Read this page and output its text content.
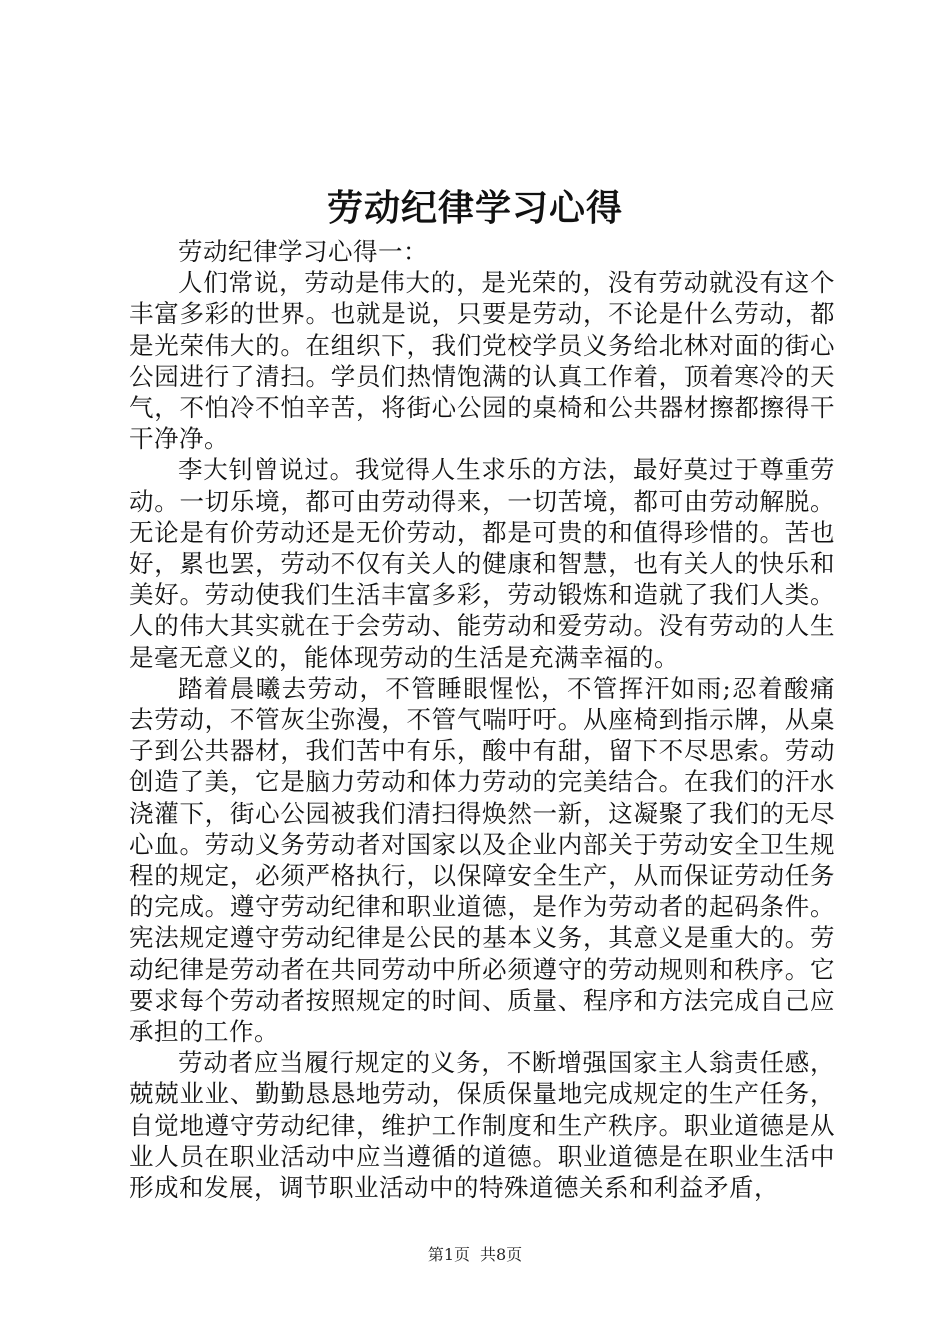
劳动纪律学习心得

劳动纪律学习心得一：

人们常说，劳动是伟大的，是光荣的，没有劳动就没有这个丰富多彩的世界。也就是说，只要是劳动，不论是什么劳动，都是光荣伟大的。在组织下，我们党校学员义务给北林对面的街心公园进行了清扫。学员们热情饱满的认真工作着，顶着寒冷的天气，不怕冷不怕辛苦，将街心公园的桌椅和公共器材擦都擦得干干净净。

李大钊曾说过。我觉得人生求乐的方法，最好莫过于尊重劳动。一切乐境，都可由劳动得来，一切苦境，都可由劳动解脱。无论是有价劳动还是无价劳动，都是可贵的和值得珍惜的。苦也好，累也罢，劳动不仅有关人的健康和智慧，也有关人的快乐和美好。劳动使我们生活丰富多彩，劳动锻炼和造就了我们人类。人的伟大其实就在于会劳动、能劳动和爱劳动。没有劳动的人生是毫无意义的，能体现劳动的生活是充满幸福的。

踏着晨曦去劳动，不管睡眼惺忪，不管挥汗如雨;忍着酸痛去劳动，不管灰尘弥漫，不管气喘吁吁。从座椅到指示牌，从桌子到公共器材，我们苦中有乐，酸中有甜，留下不尽思索。劳动创造了美，它是脑力劳动和体力劳动的完美结合。在我们的汗水浇灌下，街心公园被我们清扫得焕然一新，这凝聚了我们的无尽心血。劳动义务劳动者对国家以及企业内部关于劳动安全卫生规程的规定，必须严格执行，以保障安全生产，从而保证劳动任务的完成。遵守劳动纪律和职业道德，是作为劳动者的起码条件。宪法规定遵守劳动纪律是公民的基本义务，其意义是重大的。劳动纪律是劳动者在共同劳动中所必须遵守的劳动规则和秩序。它要求每个劳动者按照规定的时间、质量、程序和方法完成自己应承担的工作。

劳动者应当履行规定的义务，不断增强国家主人翁责任感，兢兢业业、勤勤恳恳地劳动，保质保量地完成规定的生产任务，自觉地遵守劳动纪律，维护工作制度和生产秩序。职业道德是从业人员在职业活动中应当遵循的道德。职业道德是在职业生活中形成和发展，调节职业活动中的特殊道德关系和利益矛盾，

第1页 共8页
